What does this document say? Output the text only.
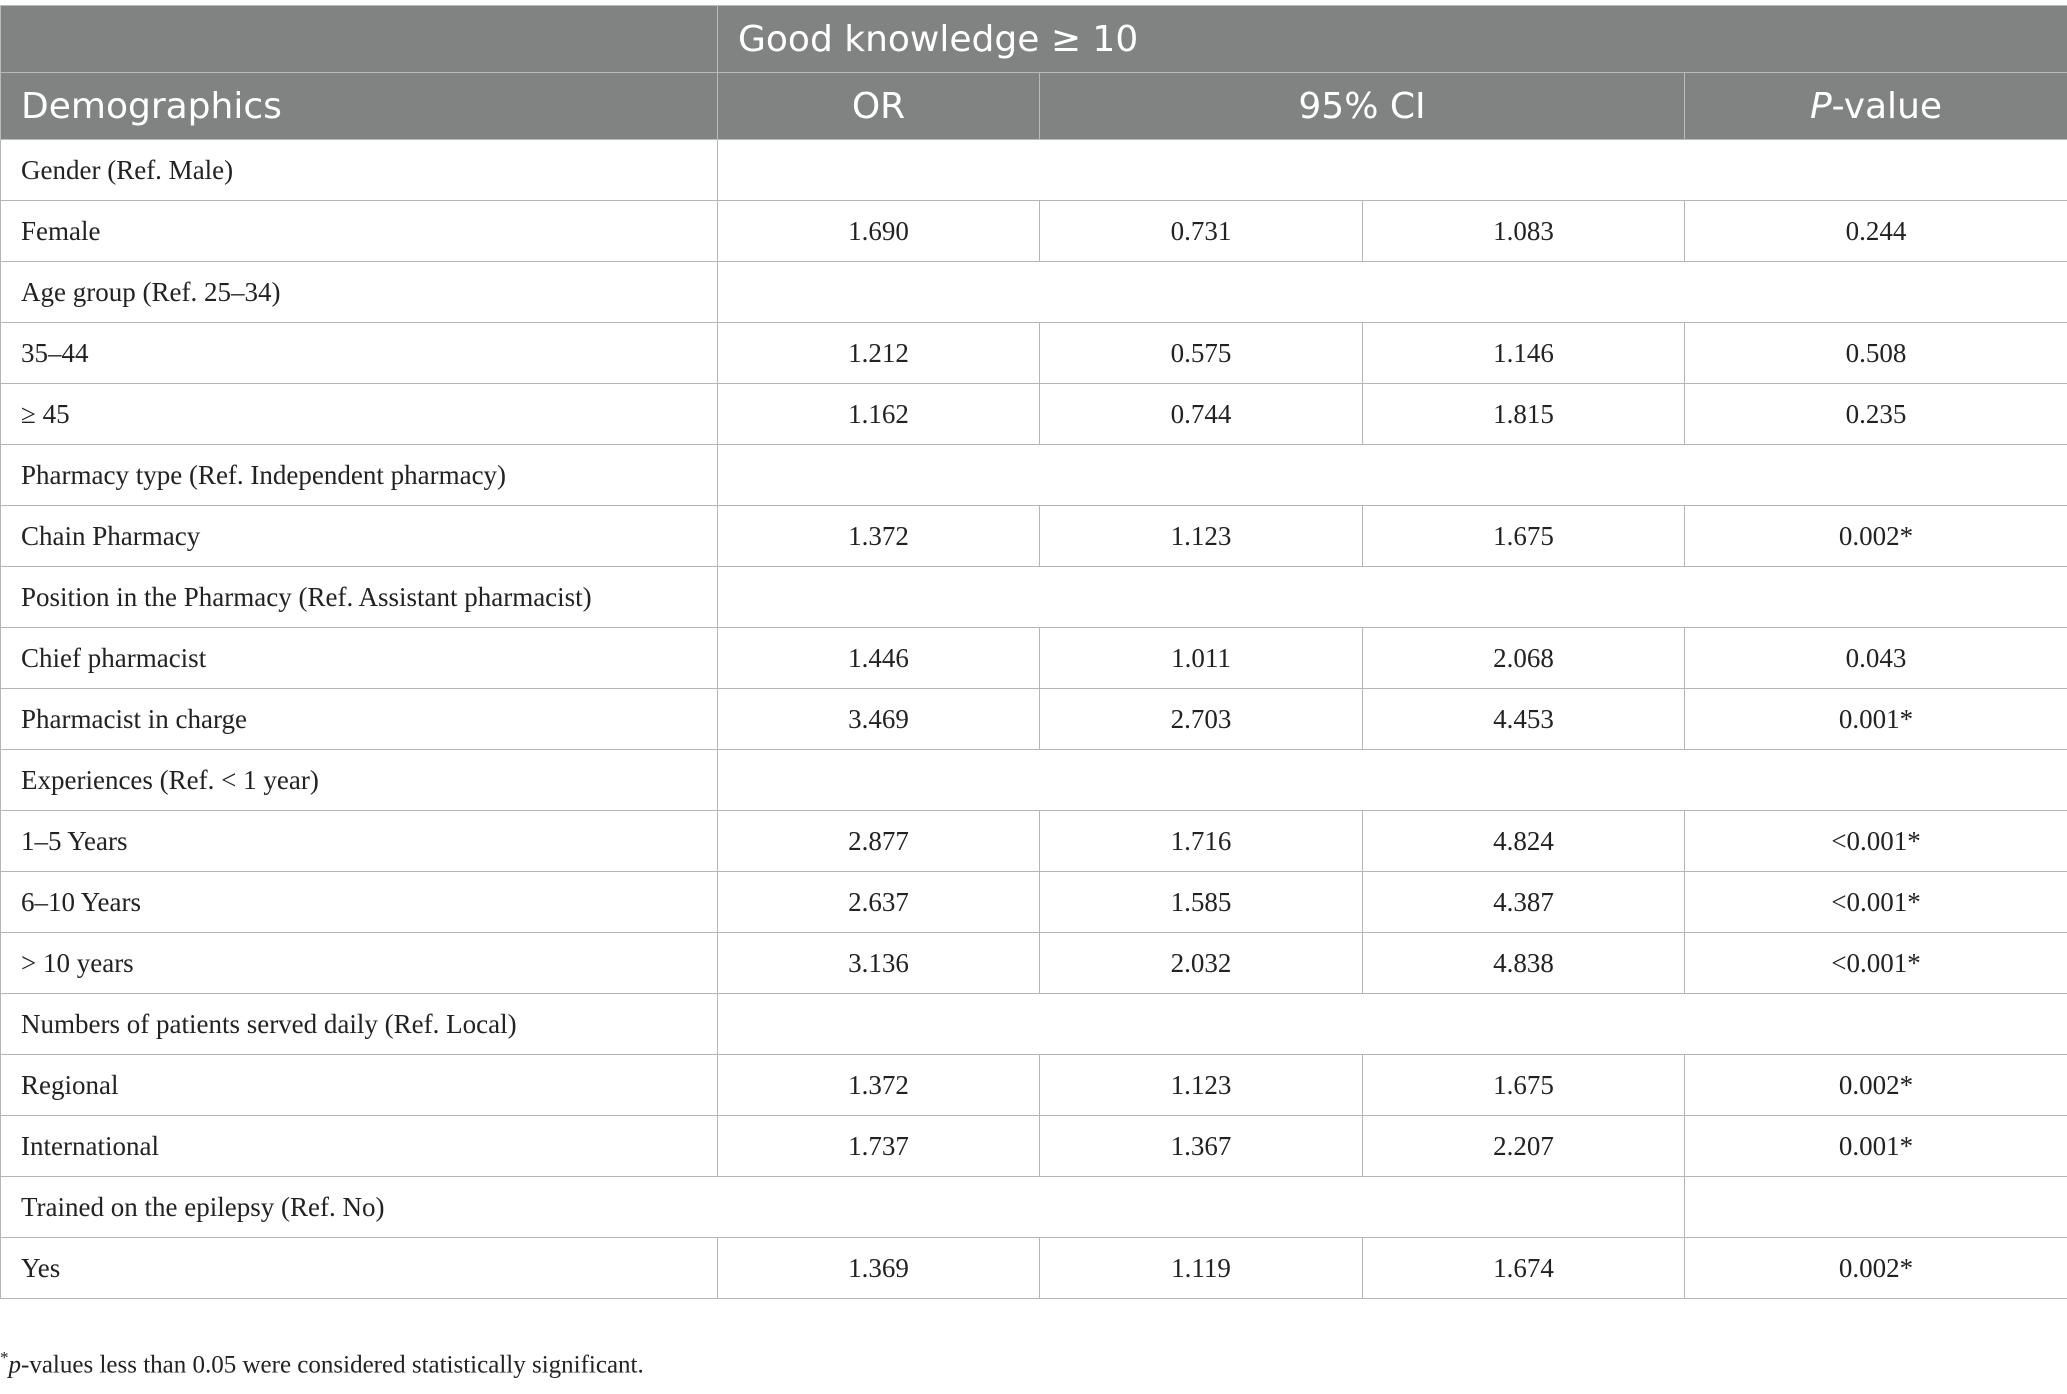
	Good knowledge ≥ 10			
Demographics	OR	95% CI		P-value
Gender (Ref. Male)				
Female	1.690	0.731	1.083	0.244
Age group (Ref. 25–34)				
35–44	1.212	0.575	1.146	0.508
≥ 45	1.162	0.744	1.815	0.235
Pharmacy type (Ref. Independent pharmacy)				
Chain Pharmacy	1.372	1.123	1.675	0.002*
Position in the Pharmacy (Ref. Assistant pharmacist)				
Chief pharmacist	1.446	1.011	2.068	0.043
Pharmacist in charge	3.469	2.703	4.453	0.001*
Experiences (Ref. < 1 year)				
1–5 Years	2.877	1.716	4.824	<0.001*
6–10 Years	2.637	1.585	4.387	<0.001*
> 10 years	3.136	2.032	4.838	<0.001*
Numbers of patients served daily (Ref. Local)				
Regional	1.372	1.123	1.675	0.002*
International	1.737	1.367	2.207	0.001*
Trained on the epilepsy (Ref. No)				
Yes	1.369	1.119	1.674	0.002*
*p-values less than 0.05 were considered statistically significant.
